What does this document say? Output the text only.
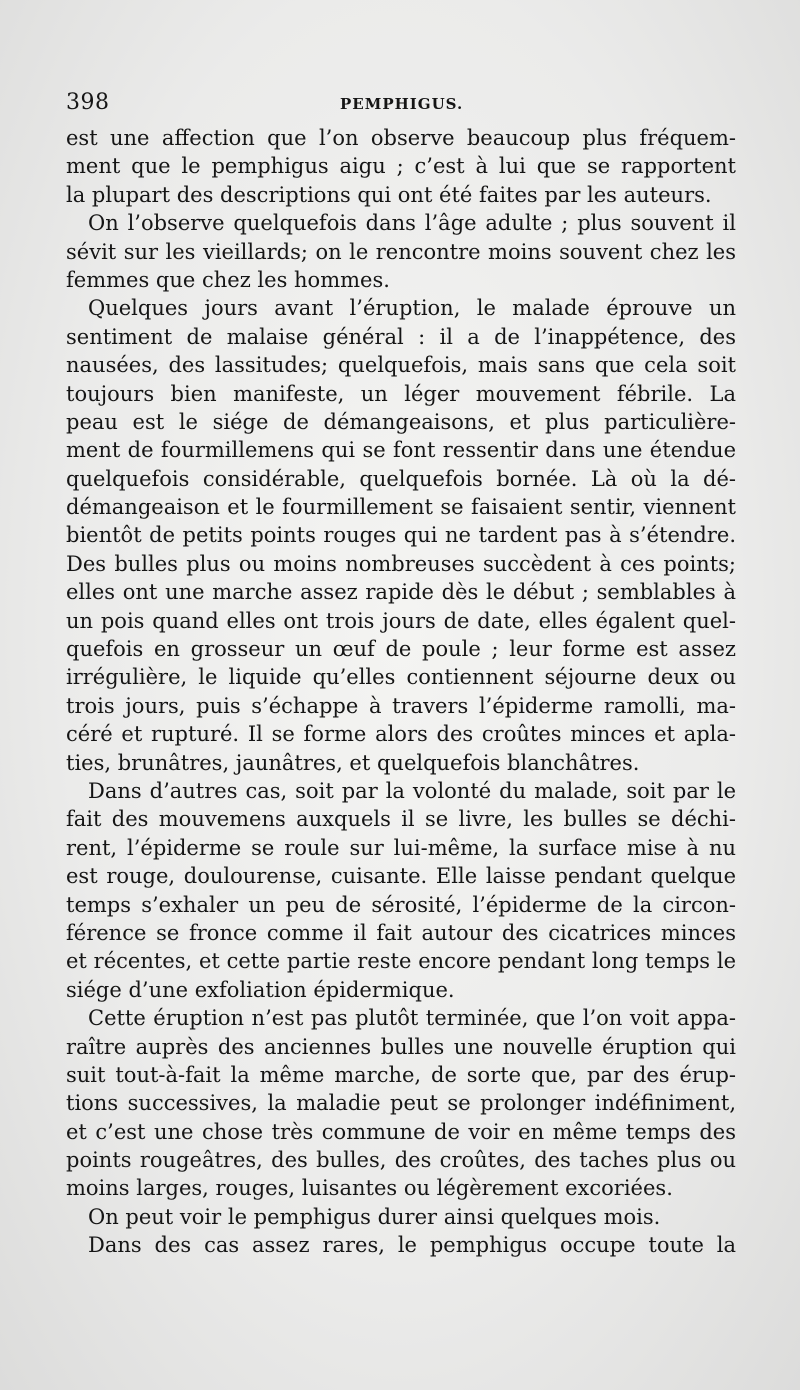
398	PEMPHIGUS.
est une affection que l’on observe beaucoup plus fréquem-
ment que le pemphigus aigu ; c’est à lui que se rapportent
la plupart des descriptions qui ont été faites par les auteurs.
On l’observe quelquefois dans l’âge adulte ; plus souvent il
sévit sur les vieillards; on le rencontre moins souvent chez les
femmes que chez les hommes.
Quelques jours avant l’éruption, le malade éprouve un
sentiment de malaise général : il a de l’inappétence, des
nausées, des lassitudes; quelquefois, mais sans que cela soit
toujours bien manifeste, un léger mouvement fébrile. La
peau est le siége de démangeaisons, et plus particulière-
ment de fourmillemens qui se font ressentir dans une étendue
quelquefois considérable, quelquefois bornée. Là où la dé-
démangeaison et le fourmillement se faisaient sentir, viennent
bientôt de petits points rouges qui ne tardent pas à s’étendre.
Des bulles plus ou moins nombreuses succèdent à ces points;
elles ont une marche assez rapide dès le début ; semblables à
un pois quand elles ont trois jours de date, elles égalent quel-
quefois en grosseur un œuf de poule ; leur forme est assez
irrégulière, le liquide qu’elles contiennent séjourne deux ou
trois jours, puis s’échappe à travers l’épiderme ramolli, ma-
céré et rupturé. Il se forme alors des croûtes minces et apla-
ties, brunâtres, jaunâtres, et quelquefois blanchâtres.
Dans d’autres cas, soit par la volonté du malade, soit par le
fait des mouvemens auxquels il se livre, les bulles se déchi-
rent, l’épiderme se roule sur lui-même, la surface mise à nu
est rouge, doulourense, cuisante. Elle laisse pendant quelque
temps s’exhaler un peu de sérosité, l’épiderme de la circon-
férence se fronce comme il fait autour des cicatrices minces
et récentes, et cette partie reste encore pendant long temps le
siége d’une exfoliation épidermique.
Cette éruption n’est pas plutôt terminée, que l’on voit appa-
raître auprès des anciennes bulles une nouvelle éruption qui
suit tout-à-fait la même marche, de sorte que, par des érup-
tions successives, la maladie peut se prolonger indéfiniment,
et c’est une chose très commune de voir en même temps des
points rougeâtres, des bulles, des croûtes, des taches plus ou
moins larges, rouges, luisantes ou légèrement excoriées.
On peut voir le pemphigus durer ainsi quelques mois.
Dans des cas assez rares, le pemphigus occupe toute la
